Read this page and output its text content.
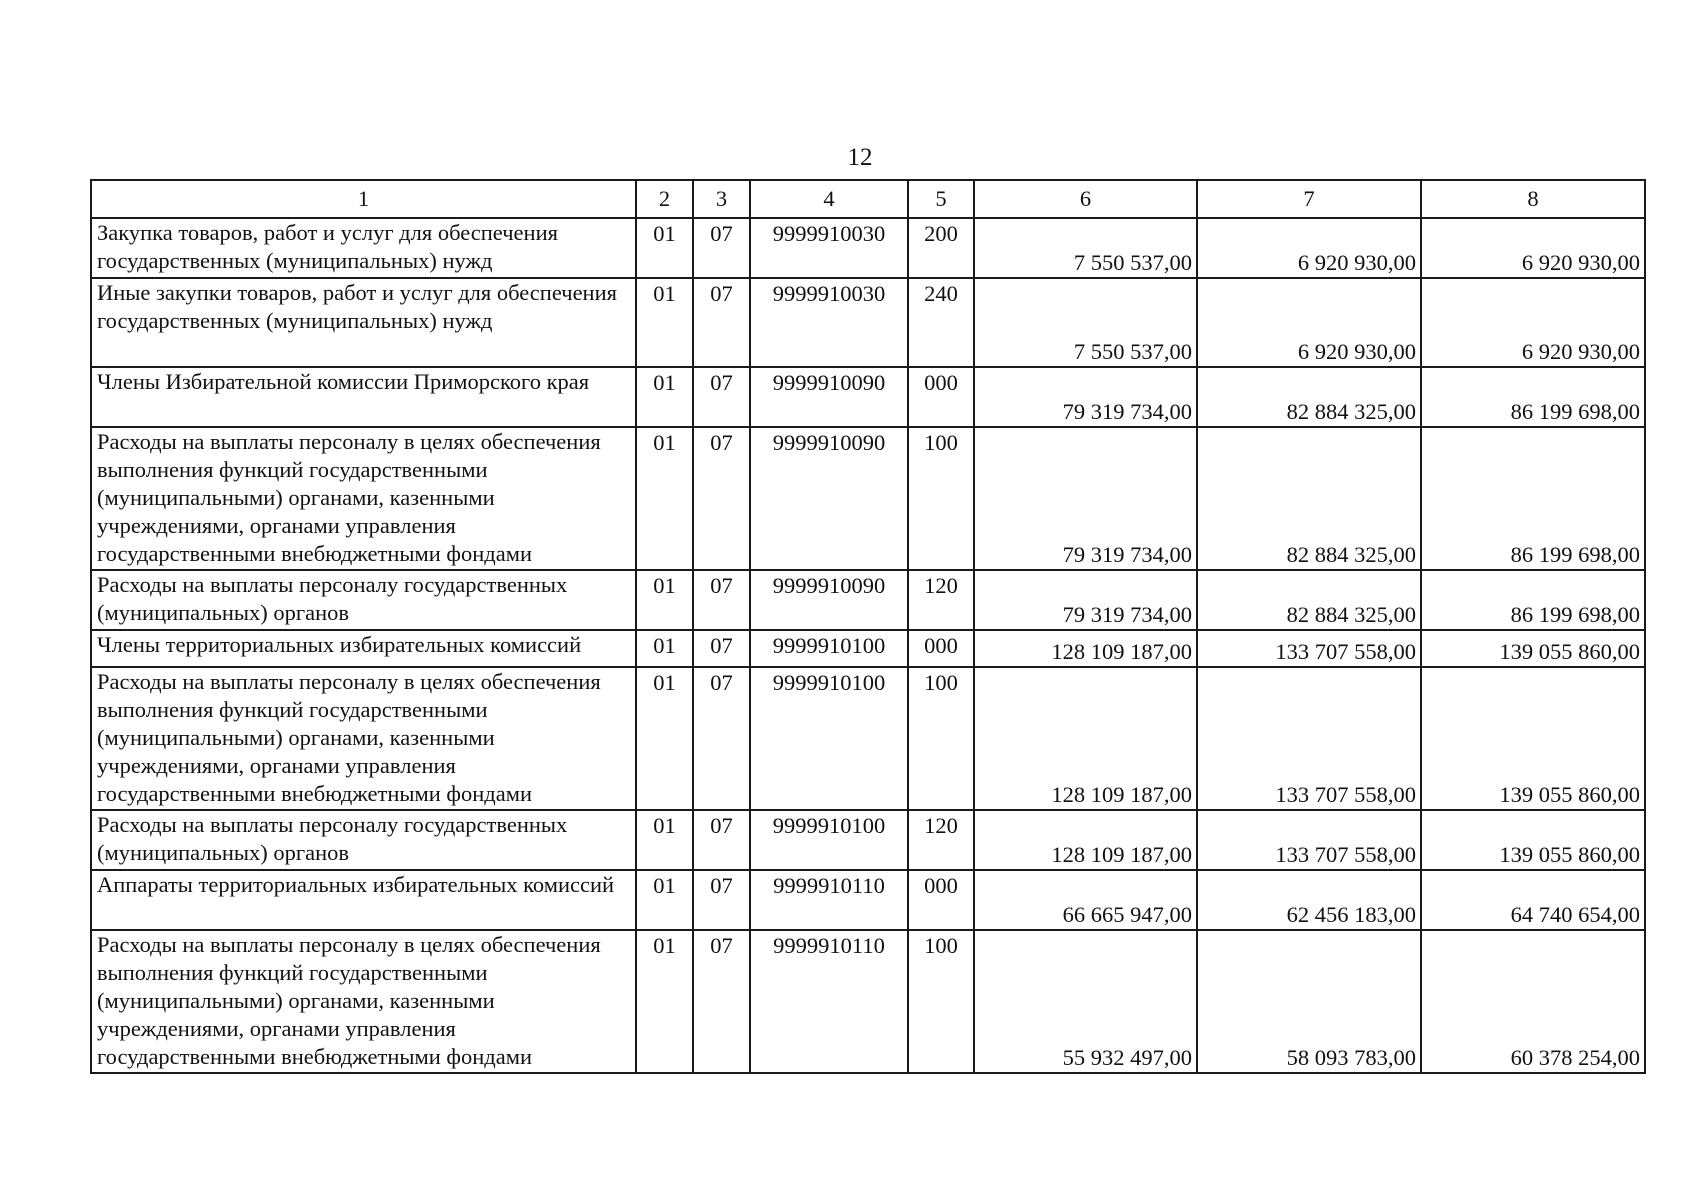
12
1	2	3	4	5	6	7	8
Закупка товаров, работ и услуг для обеспечения государственных (муниципальных) нужд	01	07	9999910030	200	7 550 537,00	6 920 930,00	6 920 930,00
Иные закупки товаров, работ и услуг для обеспечения государственных (муниципальных) нужд	01	07	9999910030	240	7 550 537,00	6 920 930,00	6 920 930,00
Члены Избирательной комиссии Приморского края	01	07	9999910090	000	79 319 734,00	82 884 325,00	86 199 698,00
Расходы на выплаты персоналу в целях обеспечения выполнения функций государственными (муниципальными) органами, казенными учреждениями, органами управления государственными внебюджетными фондами	01	07	9999910090	100	79 319 734,00	82 884 325,00	86 199 698,00
Расходы на выплаты персоналу государственных (муниципальных) органов	01	07	9999910090	120	79 319 734,00	82 884 325,00	86 199 698,00
Члены территориальных избирательных комиссий	01	07	9999910100	000	128 109 187,00	133 707 558,00	139 055 860,00
Расходы на выплаты персоналу в целях обеспечения выполнения функций государственными (муниципальными) органами, казенными учреждениями, органами управления государственными внебюджетными фондами	01	07	9999910100	100	128 109 187,00	133 707 558,00	139 055 860,00
Расходы на выплаты персоналу государственных (муниципальных) органов	01	07	9999910100	120	128 109 187,00	133 707 558,00	139 055 860,00
Аппараты территориальных избирательных комиссий	01	07	9999910110	000	66 665 947,00	62 456 183,00	64 740 654,00
Расходы на выплаты персоналу в целях обеспечения выполнения функций государственными (муниципальными) органами, казенными учреждениями, органами управления государственными внебюджетными фондами	01	07	9999910110	100	55 932 497,00	58 093 783,00	60 378 254,00
